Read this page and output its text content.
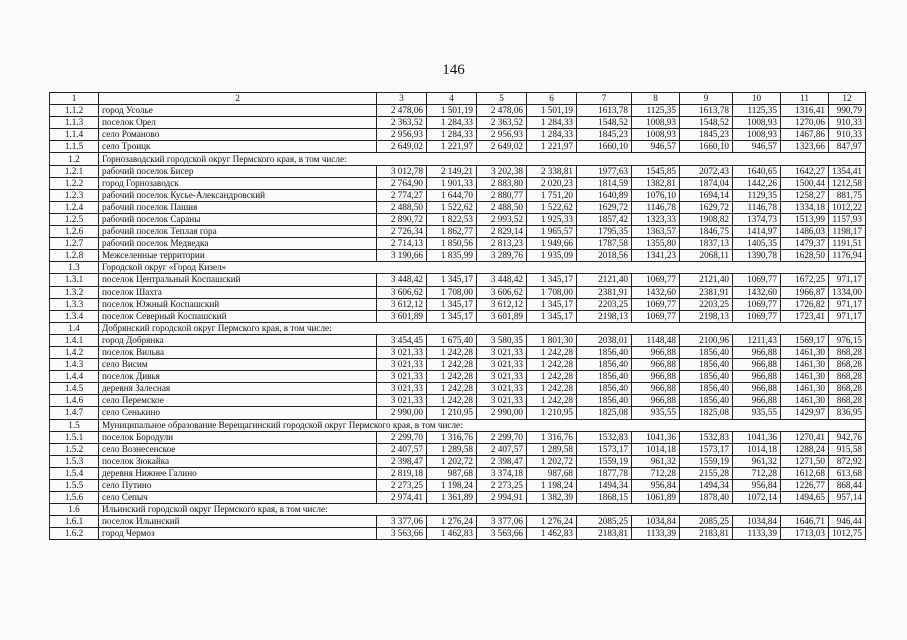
146
1	2	3	4	5	6	7	8	9	10	11	12
1.1.2	город Усолье	2 478,06	1 501,19	2 478,06	1 501,19	1613,78	1125,35	1613,78	1125,35	1316,41	990,79
1.1.3	поселок Орел	2 363,52	1 284,33	2 363,52	1 284,33	1548,52	1008,93	1548,52	1008,93	1270,06	910,33
1.1.4	село Романово	2 956,93	1 284,33	2 956,93	1 284,33	1845,23	1008,93	1845,23	1008,93	1467,86	910,33
1.1.5	село Троицк	2 649,02	1 221,97	2 649,02	1 221,97	1660,10	946,57	1660,10	946,57	1323,66	847,97
1.2	Горнозаводский городской округ Пермского края, в том числе:										
1.2.1	рабочий поселок Бисер	3 012,78	2 149,21	3 202,38	2 338,81	1977,63	1545,85	2072,43	1640,65	1642,27	1354,41
1.2.2	город Горнозаводск	2 764,90	1 901,33	2 883,80	2 020,23	1814,59	1382,81	1874,04	1442,26	1500,44	1212,58
1.2.3	рабочий поселок Кусье-Александровский	2 774,27	1 644,70	2 880,77	1 751,20	1640,89	1076,10	1694,14	1129,35	1258,27	881,75
1.2.4	рабочий поселок Пашия	2 488,50	1 522,62	2 488,50	1 522,62	1629,72	1146,78	1629,72	1146,78	1334,18	1012,22
1.2.5	рабочий поселок Сараны	2 890,72	1 822,53	2 993,52	1 925,33	1857,42	1323,33	1908,82	1374,73	1513,99	1157,93
1.2.6	рабочий поселок Теплая гора	2 726,34	1 862,77	2 829,14	1 965,57	1795,35	1363,57	1846,75	1414,97	1486,03	1198,17
1.2.7	рабочий поселок Медведка	2 714,13	1 850,56	2 813,23	1 949,66	1787,58	1355,80	1837,13	1405,35	1479,37	1191,51
1.2.8	Межселенные территории	3 190,66	1 835,99	3 289,76	1 935,09	2018,56	1341,23	2068,11	1390,78	1628,50	1176,94
1.3	Городской округ «Город Кизел»										
1.3.1	поселок Центральный Коспашский	3 448,42	1 345,17	3 448,42	1 345,17	2121,40	1069,77	2121,40	1069,77	1672,25	971,17
1.3.2	поселок Шахта	3 606,62	1 708,00	3 606,62	1 708,00	2381,91	1432,60	2381,91	1432,60	1966,87	1334,00
1.3.3	поселок Южный Коспашский	3 612,12	1 345,17	3 612,12	1 345,17	2203,25	1069,77	2203,25	1069,77	1726,82	971,17
1.3.4	поселок Северный Коспашский	3 601,89	1 345,17	3 601,89	1 345,17	2198,13	1069,77	2198,13	1069,77	1723,41	971,17
1.4	Добрянский городской округ Пермского края, в том числе:										
1.4.1	город Добрянка	3 454,45	1 675,40	3 580,35	1 801,30	2038,01	1148,48	2100,96	1211,43	1569,17	976,15
1.4.2	поселок Вильва	3 021,33	1 242,28	3 021,33	1 242,28	1856,40	966,88	1856,40	966,88	1461,30	868,28
1.4.3	село Висим	3 021,33	1 242,28	3 021,33	1 242,28	1856,40	966,88	1856,40	966,88	1461,30	868,28
1.4.4	поселок Дивья	3 021,33	1 242,28	3 021,33	1 242,28	1856,40	966,88	1856,40	966,88	1461,30	868,28
1.4.5	деревня Залесная	3 021,33	1 242,28	3 021,33	1 242,28	1856,40	966,88	1856,40	966,88	1461,30	868,28
1.4.6	село Перемское	3 021,33	1 242,28	3 021,33	1 242,28	1856,40	966,88	1856,40	966,88	1461,30	868,28
1.4.7	село Сенькино	2 990,00	1 210,95	2 990,00	1 210,95	1825,08	935,55	1825,08	935,55	1429,97	836,95
1.5	Муниципальное образование Верещагинский городской округ Пермского края, в том числе:										
1.5.1	поселок Бородули	2 299,70	1 316,76	2 299,70	1 316,76	1532,83	1041,36	1532,83	1041,36	1270,41	942,76
1.5.2	село Вознесенское	2 407,57	1 289,58	2 407,57	1 289,58	1573,17	1014,18	1573,17	1014,18	1288,24	915,58
1.5.3	поселок Зюкайка	2 398,47	1 202,72	2 398,47	1 202,72	1559,19	961,32	1559,19	961,32	1271,50	872,92
1.5.4	деревня Нижнее Галино	2 819,18	987,68	3 374,18	987,68	1877,78	712,28	2155,28	712,28	1612,68	613,68
1.5.5	село Путино	2 273,25	1 198,24	2 273,25	1 198,24	1494,34	956,84	1494,34	956,84	1226,77	868,44
1.5.6	село Сепыч	2 974,41	1 361,89	2 994,91	1 382,39	1868,15	1061,89	1878,40	1072,14	1494,65	957,14
1.6	Ильинский городской округ Пермского края, в том числе:										
1.6.1	поселок Ильинский	3 377,06	1 276,24	3 377,06	1 276,24	2085,25	1034,84	2085,25	1034,84	1646,71	946,44
1.6.2	город Чермоз	3 563,66	1 462,83	3 563,66	1 462,83	2183,81	1133,39	2183,81	1133,39	1713,03	1012,75
